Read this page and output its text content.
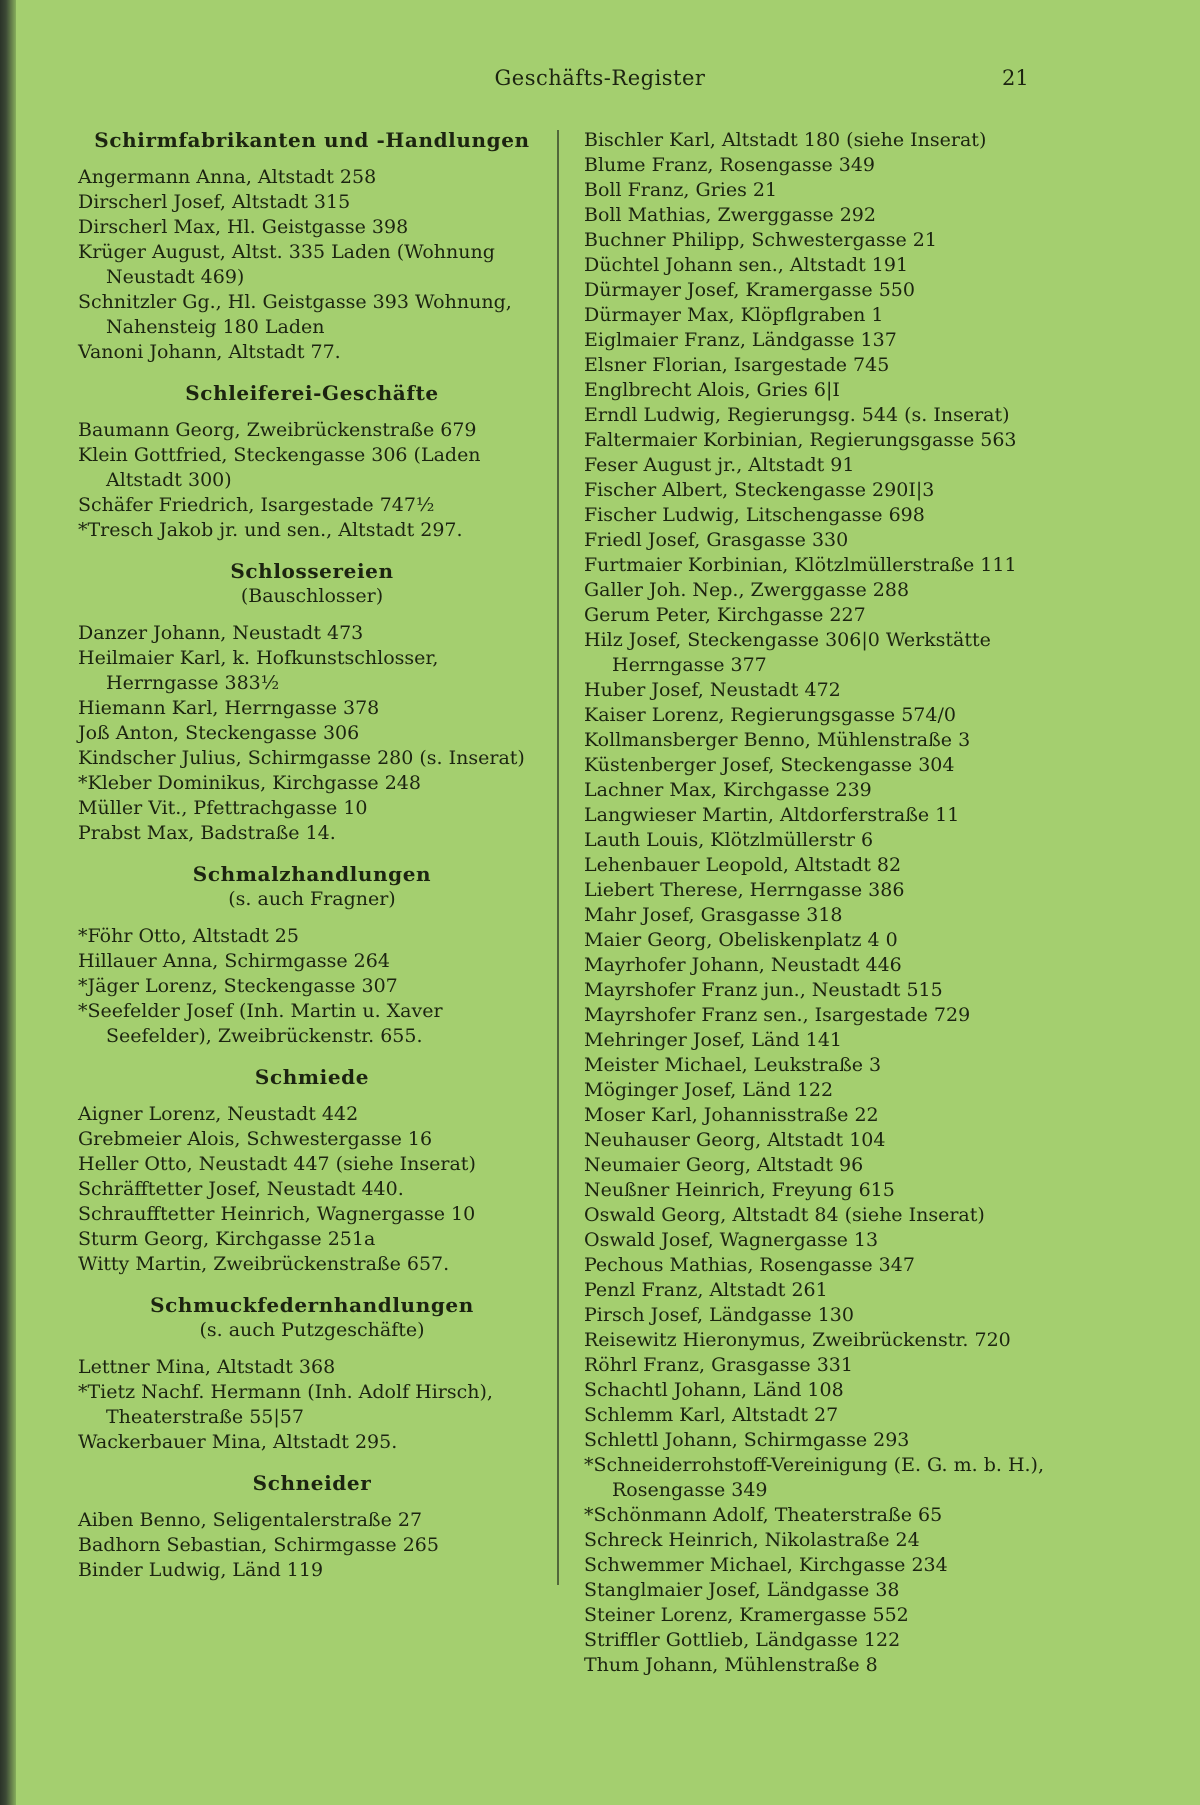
Geschäfts-Register	21
Schirmfabrikanten und -Handlungen
Angermann Anna, Altstadt 258
Dirscherl Josef, Altstadt 315
Dirscherl Max, Hl. Geistgasse 398
Krüger August, Altst. 335 Laden (Wohnung Neustadt 469)
Schnitzler Gg., Hl. Geistgasse 393 Wohnung, Nahensteig 180 Laden
Vanoni Johann, Altstadt 77.
Schleiferei-Geschäfte
Baumann Georg, Zweibrückenstraße 679
Klein Gottfried, Steckengasse 306 (Laden Altstadt 300)
Schäfer Friedrich, Isargestade 747½
*Tresch Jakob jr. und sen., Altstadt 297.
Schlossereien
(Bauschlosser)
Danzer Johann, Neustadt 473
Heilmaier Karl, k. Hofkunstschlosser, Herrngasse 383½
Hiemann Karl, Herrngasse 378
Joß Anton, Steckengasse 306
Kindscher Julius, Schirmgasse 280 (s. Inserat)
*Kleber Dominikus, Kirchgasse 248
Müller Vit., Pfettrachgasse 10
Prabst Max, Badstraße 14.
Schmalzhandlungen
(s. auch Fragner)
*Föhr Otto, Altstadt 25
Hillauer Anna, Schirmgasse 264
*Jäger Lorenz, Steckengasse 307
*Seefelder Josef (Inh. Martin u. Xaver Seefelder), Zweibrückenstr. 655.
Schmiede
Aigner Lorenz, Neustadt 442
Grebmeier Alois, Schwestergasse 16
Heller Otto, Neustadt 447 (siehe Inserat)
Schräfftetter Josef, Neustadt 440.
Schraufftetter Heinrich, Wagnergasse 10
Sturm Georg, Kirchgasse 251a
Witty Martin, Zweibrückenstraße 657.
Schmuckfedernhandlungen
(s. auch Putzgeschäfte)
Lettner Mina, Altstadt 368
*Tietz Nachf. Hermann (Inh. Adolf Hirsch), Theaterstraße 55|57
Wackerbauer Mina, Altstadt 295.
Schneider
Aiben Benno, Seligentalerstraße 27
Badhorn Sebastian, Schirmgasse 265
Binder Ludwig, Länd 119
Bischler Karl, Altstadt 180 (siehe Inserat)
Blume Franz, Rosengasse 349
Boll Franz, Gries 21
Boll Mathias, Zwerggasse 292
Buchner Philipp, Schwestergasse 21
Düchtel Johann sen., Altstadt 191
Dürmayer Josef, Kramergasse 550
Dürmayer Max, Klöpflgraben 1
Eiglmaier Franz, Ländgasse 137
Elsner Florian, Isargestade 745
Englbrecht Alois, Gries 6|I
Erndl Ludwig, Regierungsg. 544 (s. Inserat)
Faltermaier Korbinian, Regierungsgasse 563
Feser August jr., Altstadt 91
Fischer Albert, Steckengasse 290I|3
Fischer Ludwig, Litschengasse 698
Friedl Josef, Grasgasse 330
Furtmaier Korbinian, Klötzlmüllerstraße 111
Galler Joh. Nep., Zwerggasse 288
Gerum Peter, Kirchgasse 227
Hilz Josef, Steckengasse 306|0 Werkstätte Herrngasse 377
Huber Josef, Neustadt 472
Kaiser Lorenz, Regierungsgasse 574/0
Kollmansberger Benno, Mühlenstraße 3
Küstenberger Josef, Steckengasse 304
Lachner Max, Kirchgasse 239
Langwieser Martin, Altdorferstraße 11
Lauth Louis, Klötzlmüllerstr 6
Lehenbauer Leopold, Altstadt 82
Liebert Therese, Herrngasse 386
Mahr Josef, Grasgasse 318
Maier Georg, Obeliskenplatz 4 0
Mayrhofer Johann, Neustadt 446
Mayrshofer Franz jun., Neustadt 515
Mayrshofer Franz sen., Isargestade 729
Mehringer Josef, Länd 141
Meister Michael, Leukstraße 3
Möginger Josef, Länd 122
Moser Karl, Johannisstraße 22
Neuhauser Georg, Altstadt 104
Neumaier Georg, Altstadt 96
Neußner Heinrich, Freyung 615
Oswald Georg, Altstadt 84 (siehe Inserat)
Oswald Josef, Wagnergasse 13
Pechous Mathias, Rosengasse 347
Penzl Franz, Altstadt 261
Pirsch Josef, Ländgasse 130
Reisewitz Hieronymus, Zweibrückenstr. 720
Röhrl Franz, Grasgasse 331
Schachtl Johann, Länd 108
Schlemm Karl, Altstadt 27
Schlettl Johann, Schirmgasse 293
*Schneiderrohstoff-Vereinigung (E. G. m. b. H.), Rosengasse 349
*Schönmann Adolf, Theaterstraße 65
Schreck Heinrich, Nikolastraße 24
Schwemmer Michael, Kirchgasse 234
Stanglmaier Josef, Ländgasse 38
Steiner Lorenz, Kramergasse 552
Striffler Gottlieb, Ländgasse 122
Thum Johann, Mühlenstraße 8
